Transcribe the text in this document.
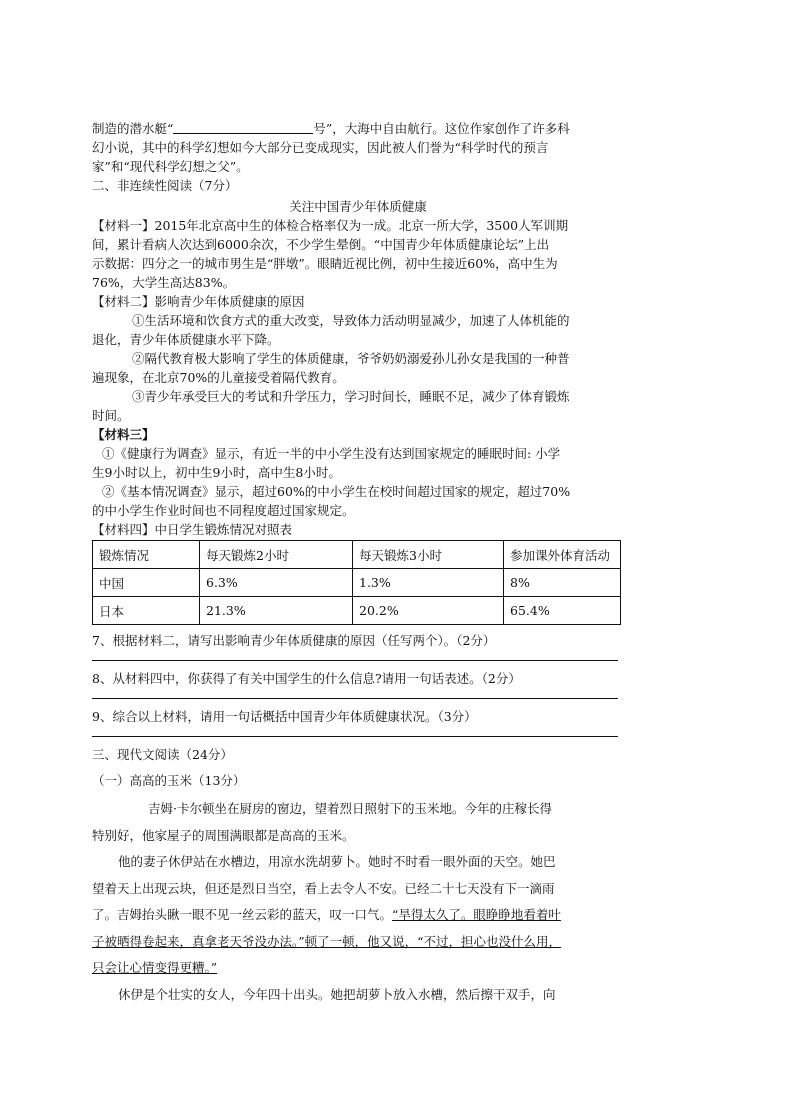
制造的潜水艇“	号”，大海中自由航行。这位作家创作了许多科
幻小说，其中的科学幻想如今大部分已变成现实，因此被人们誉为“科学时代的预言
家”和“现代科学幻想之父”。
二、非连续性阅读（7分）
关注中国青少年体质健康
【材料一】2015年北京高中生的体检合格率仅为一成。北京一所大学，3500人军训期
间，累计看病人次达到6000余次，不少学生晕倒。“中国青少年体质健康论坛”上出
示数据：四分之一的城市男生是“胖墩”。眼睛近视比例，初中生接近60%，高中生为
76%，大学生高达83%。
【材料二】影响青少年体质健康的原因
①生活环境和饮食方式的重大改变，导致体力活动明显减少，加速了人体机能的
退化，青少年体质健康水平下降。
②隔代教育极大影响了学生的体质健康，爷爷奶奶溺爱孙儿孙女是我国的一种普
遍现象，在北京70%的儿童接受着隔代教育。
③青少年承受巨大的考试和升学压力，学习时间长，睡眠不足，减少了体育锻炼
时间。
【材料三】
①《健康行为调查》显示，有近一半的中小学生没有达到国家规定的睡眠时间: 小学
生9小时以上，初中生9小时，高中生8小时。
②《基本情况调查》显示，超过60%的中小学生在校时间超过国家的规定，超过70%
的中小学生作业时间也不同程度超过国家规定。
【材料四】中日学生锻炼情况对照表
锻炼情况	每天锻炼2小时	每天锻炼3小时	参加课外体育活动
中国	6.3%	1.3%	8%
日本	21.3%	20.2%	65.4%
7、根据材料二，请写出影响青少年体质健康的原因（任写两个）。（2分）
8、从材料四中，你获得了有关中国学生的什么信息?请用一句话表述。（2分）
9、综合以上材料，请用一句话概括中国青少年体质健康状况。（3分）
三、现代文阅读（24分）
（一）高高的玉米（13分）
吉姆·卡尔顿坐在厨房的窗边，望着烈日照射下的玉米地。今年的庄稼长得
特别好，他家屋子的周围满眼都是高高的玉米。
他的妻子休伊站在水槽边，用凉水洗胡萝卜。她时不时看一眼外面的天空。她巴
望着天上出现云块，但还是烈日当空，看上去令人不安。已经二十七天没有下一滴雨
了。吉姆抬头瞅一眼不见一丝云彩的蓝天，叹一口气。“旱得太久了。眼睁睁地看着叶
子被晒得卷起来，真拿老天爷没办法。”顿了一顿，他又说，“不过，担心也没什么用，
只会让心情变得更糟。”
休伊是个壮实的女人，今年四十出头。她把胡萝卜放入水槽，然后擦干双手，向
